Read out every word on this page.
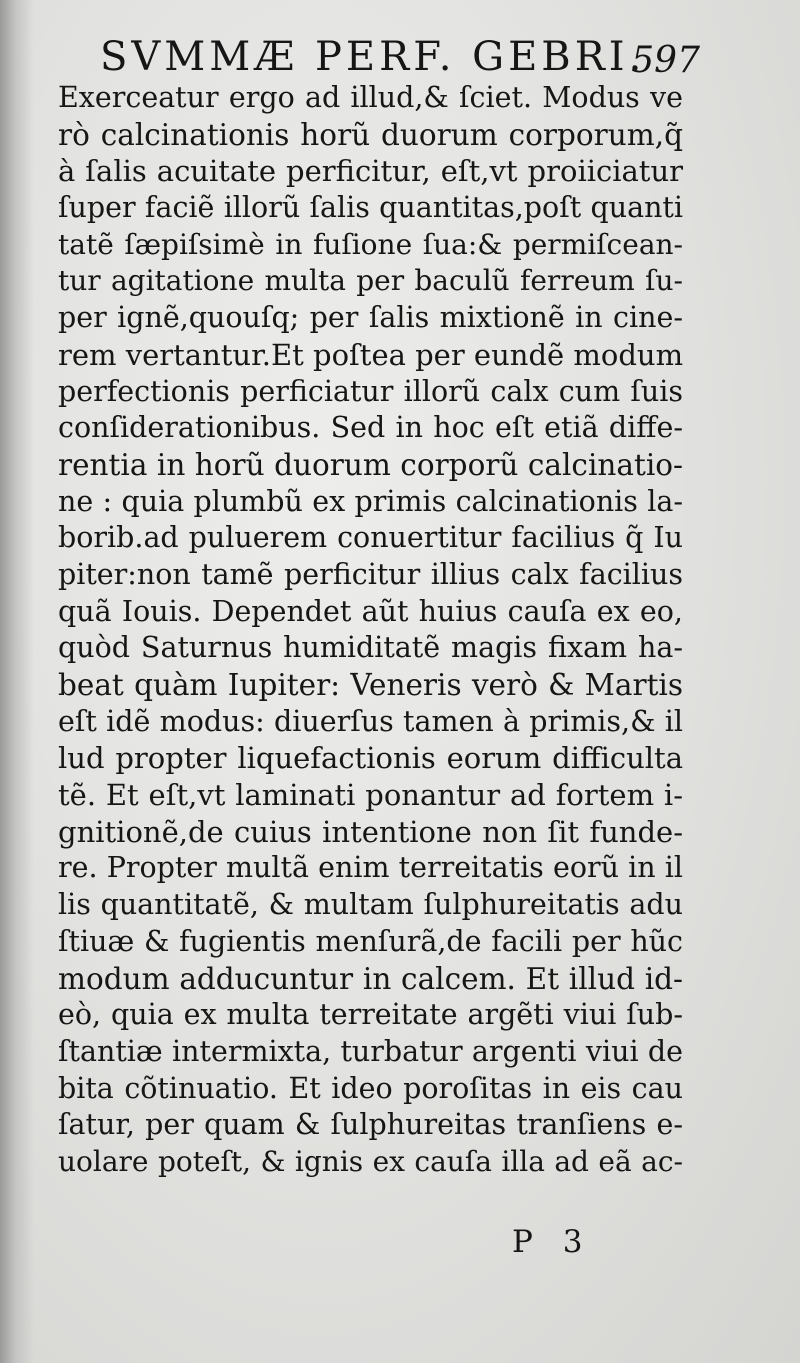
SVMMÆ PERF. GEBRI.
597
Exerceatur ergo ad illud,& ſciet. Modus ve
rò calcinationis horũ duorum corporum,q̃
à ſalis acuitate perficitur, eſt,vt proiiciatur
ſuper faciẽ illorũ ſalis quantitas,poſt quanti
tatẽ ſæpiſsimè in fuſione ſua:& permiſcean-
tur agitatione multa per baculũ ferreum ſu-
per ignẽ,quouſq; per ſalis mixtionẽ in cine-
rem vertantur.Et poſtea per eundẽ modum
perfectionis perficiatur illorũ calx cum ſuis
conſiderationibus. Sed in hoc eſt etiã diffe-
rentia in horũ duorum corporũ calcinatio-
ne : quia plumbũ ex primis calcinationis la-
borib.ad puluerem conuertitur facilius q̃ Iu
piter:non tamẽ perficitur illius calx facilius
quã Iouis. Dependet aũt huius cauſa ex eo,
quòd Saturnus humiditatẽ magis fixam ha-
beat quàm Iupiter: Veneris verò & Martis
eſt idẽ modus: diuerſus tamen à primis,& il
lud propter liquefactionis eorum difficulta
tẽ. Et eſt,vt laminati ponantur ad fortem i-
gnitionẽ,de cuius intentione non ſit funde-
re. Propter multã enim terreitatis eorũ in il
lis quantitatẽ, & multam ſulphureitatis adu
ſtiuæ & fugientis menſurã,de facili per hũc
modum adducuntur in calcem. Et illud id-
eò, quia ex multa terreitate argẽti viui ſub-
ſtantiæ intermixta, turbatur argenti viui de
bita cõtinuatio. Et ideo poroſitas in eis cau
ſatur, per quam & ſulphureitas tranſiens e-
uolare poteſt, & ignis ex cauſa illa ad eã ac-
P 3
